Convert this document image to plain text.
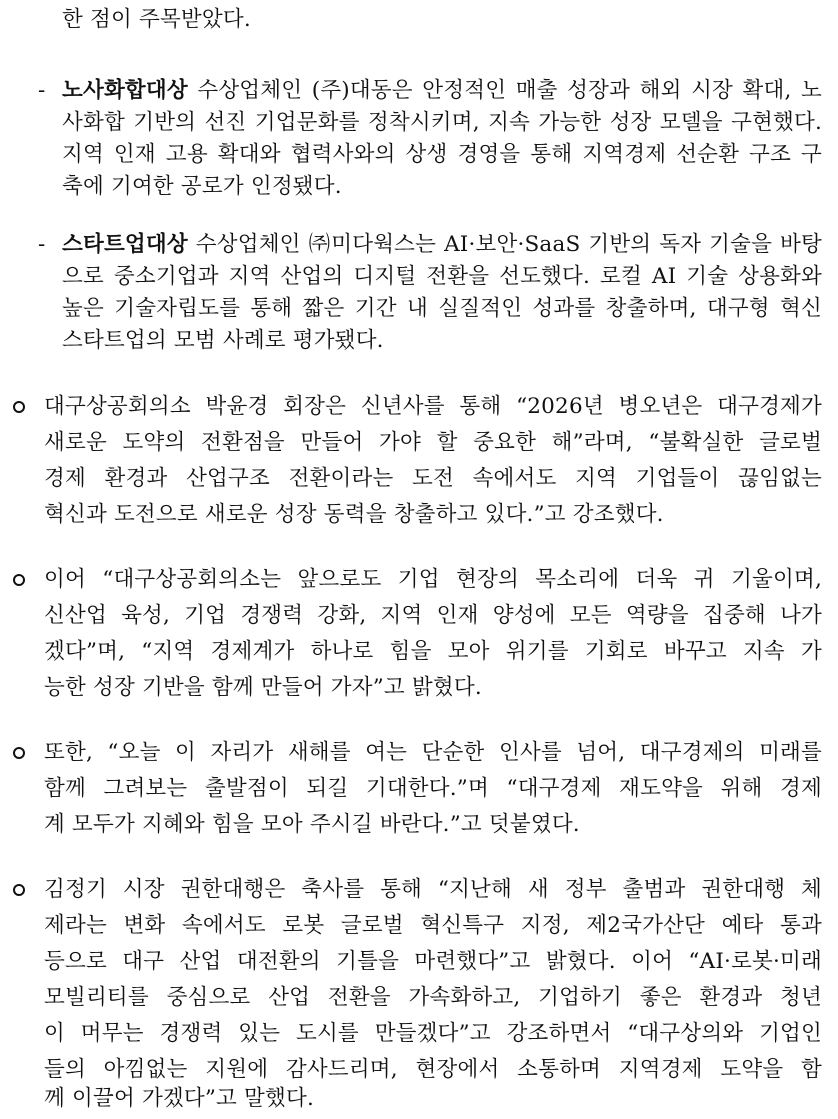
한 점이 주목받았다.
- 노사화합대상 수상업체인 (주)대동은 안정적인 매출 성장과 해외 시장 확대, 노
사화합 기반의 선진 기업문화를 정착시키며, 지속 가능한 성장 모델을 구현했다.
지역 인재 고용 확대와 협력사와의 상생 경영을 통해 지역경제 선순환 구조 구
축에 기여한 공로가 인정됐다.
- 스타트업대상 수상업체인 ㈜미다웍스는 AI·보안·SaaS 기반의 독자 기술을 바탕
으로 중소기업과 지역 산업의 디지털 전환을 선도했다. 로컬 AI 기술 상용화와
높은 기술자립도를 통해 짧은 기간 내 실질적인 성과를 창출하며, 대구형 혁신
스타트업의 모범 사례로 평가됐다.
대구상공회의소 박윤경 회장은 신년사를 통해 “2026년 병오년은 대구경제가
새로운 도약의 전환점을 만들어 가야 할 중요한 해”라며, “불확실한 글로벌
경제 환경과 산업구조 전환이라는 도전 속에서도 지역 기업들이 끊임없는
혁신과 도전으로 새로운 성장 동력을 창출하고 있다.”고 강조했다.
이어 “대구상공회의소는 앞으로도 기업 현장의 목소리에 더욱 귀 기울이며,
신산업 육성, 기업 경쟁력 강화, 지역 인재 양성에 모든 역량을 집중해 나가
겠다”며, “지역 경제계가 하나로 힘을 모아 위기를 기회로 바꾸고 지속 가
능한 성장 기반을 함께 만들어 가자”고 밝혔다.
또한, “오늘 이 자리가 새해를 여는 단순한 인사를 넘어, 대구경제의 미래를
함께 그려보는 출발점이 되길 기대한다.”며 “대구경제 재도약을 위해 경제
계 모두가 지혜와 힘을 모아 주시길 바란다.”고 덧붙였다.
김정기 시장 권한대행은 축사를 통해 “지난해 새 정부 출범과 권한대행 체
제라는 변화 속에서도 로봇 글로벌 혁신특구 지정, 제2국가산단 예타 통과
등으로 대구 산업 대전환의 기틀을 마련했다”고 밝혔다. 이어 “AI·로봇·미래
모빌리티를 중심으로 산업 전환을 가속화하고, 기업하기 좋은 환경과 청년
이 머무는 경쟁력 있는 도시를 만들겠다”고 강조하면서 “대구상의와 기업인
들의 아낌없는 지원에 감사드리며, 현장에서 소통하며 지역경제 도약을 함
께 이끌어 가겠다”고 말했다.
